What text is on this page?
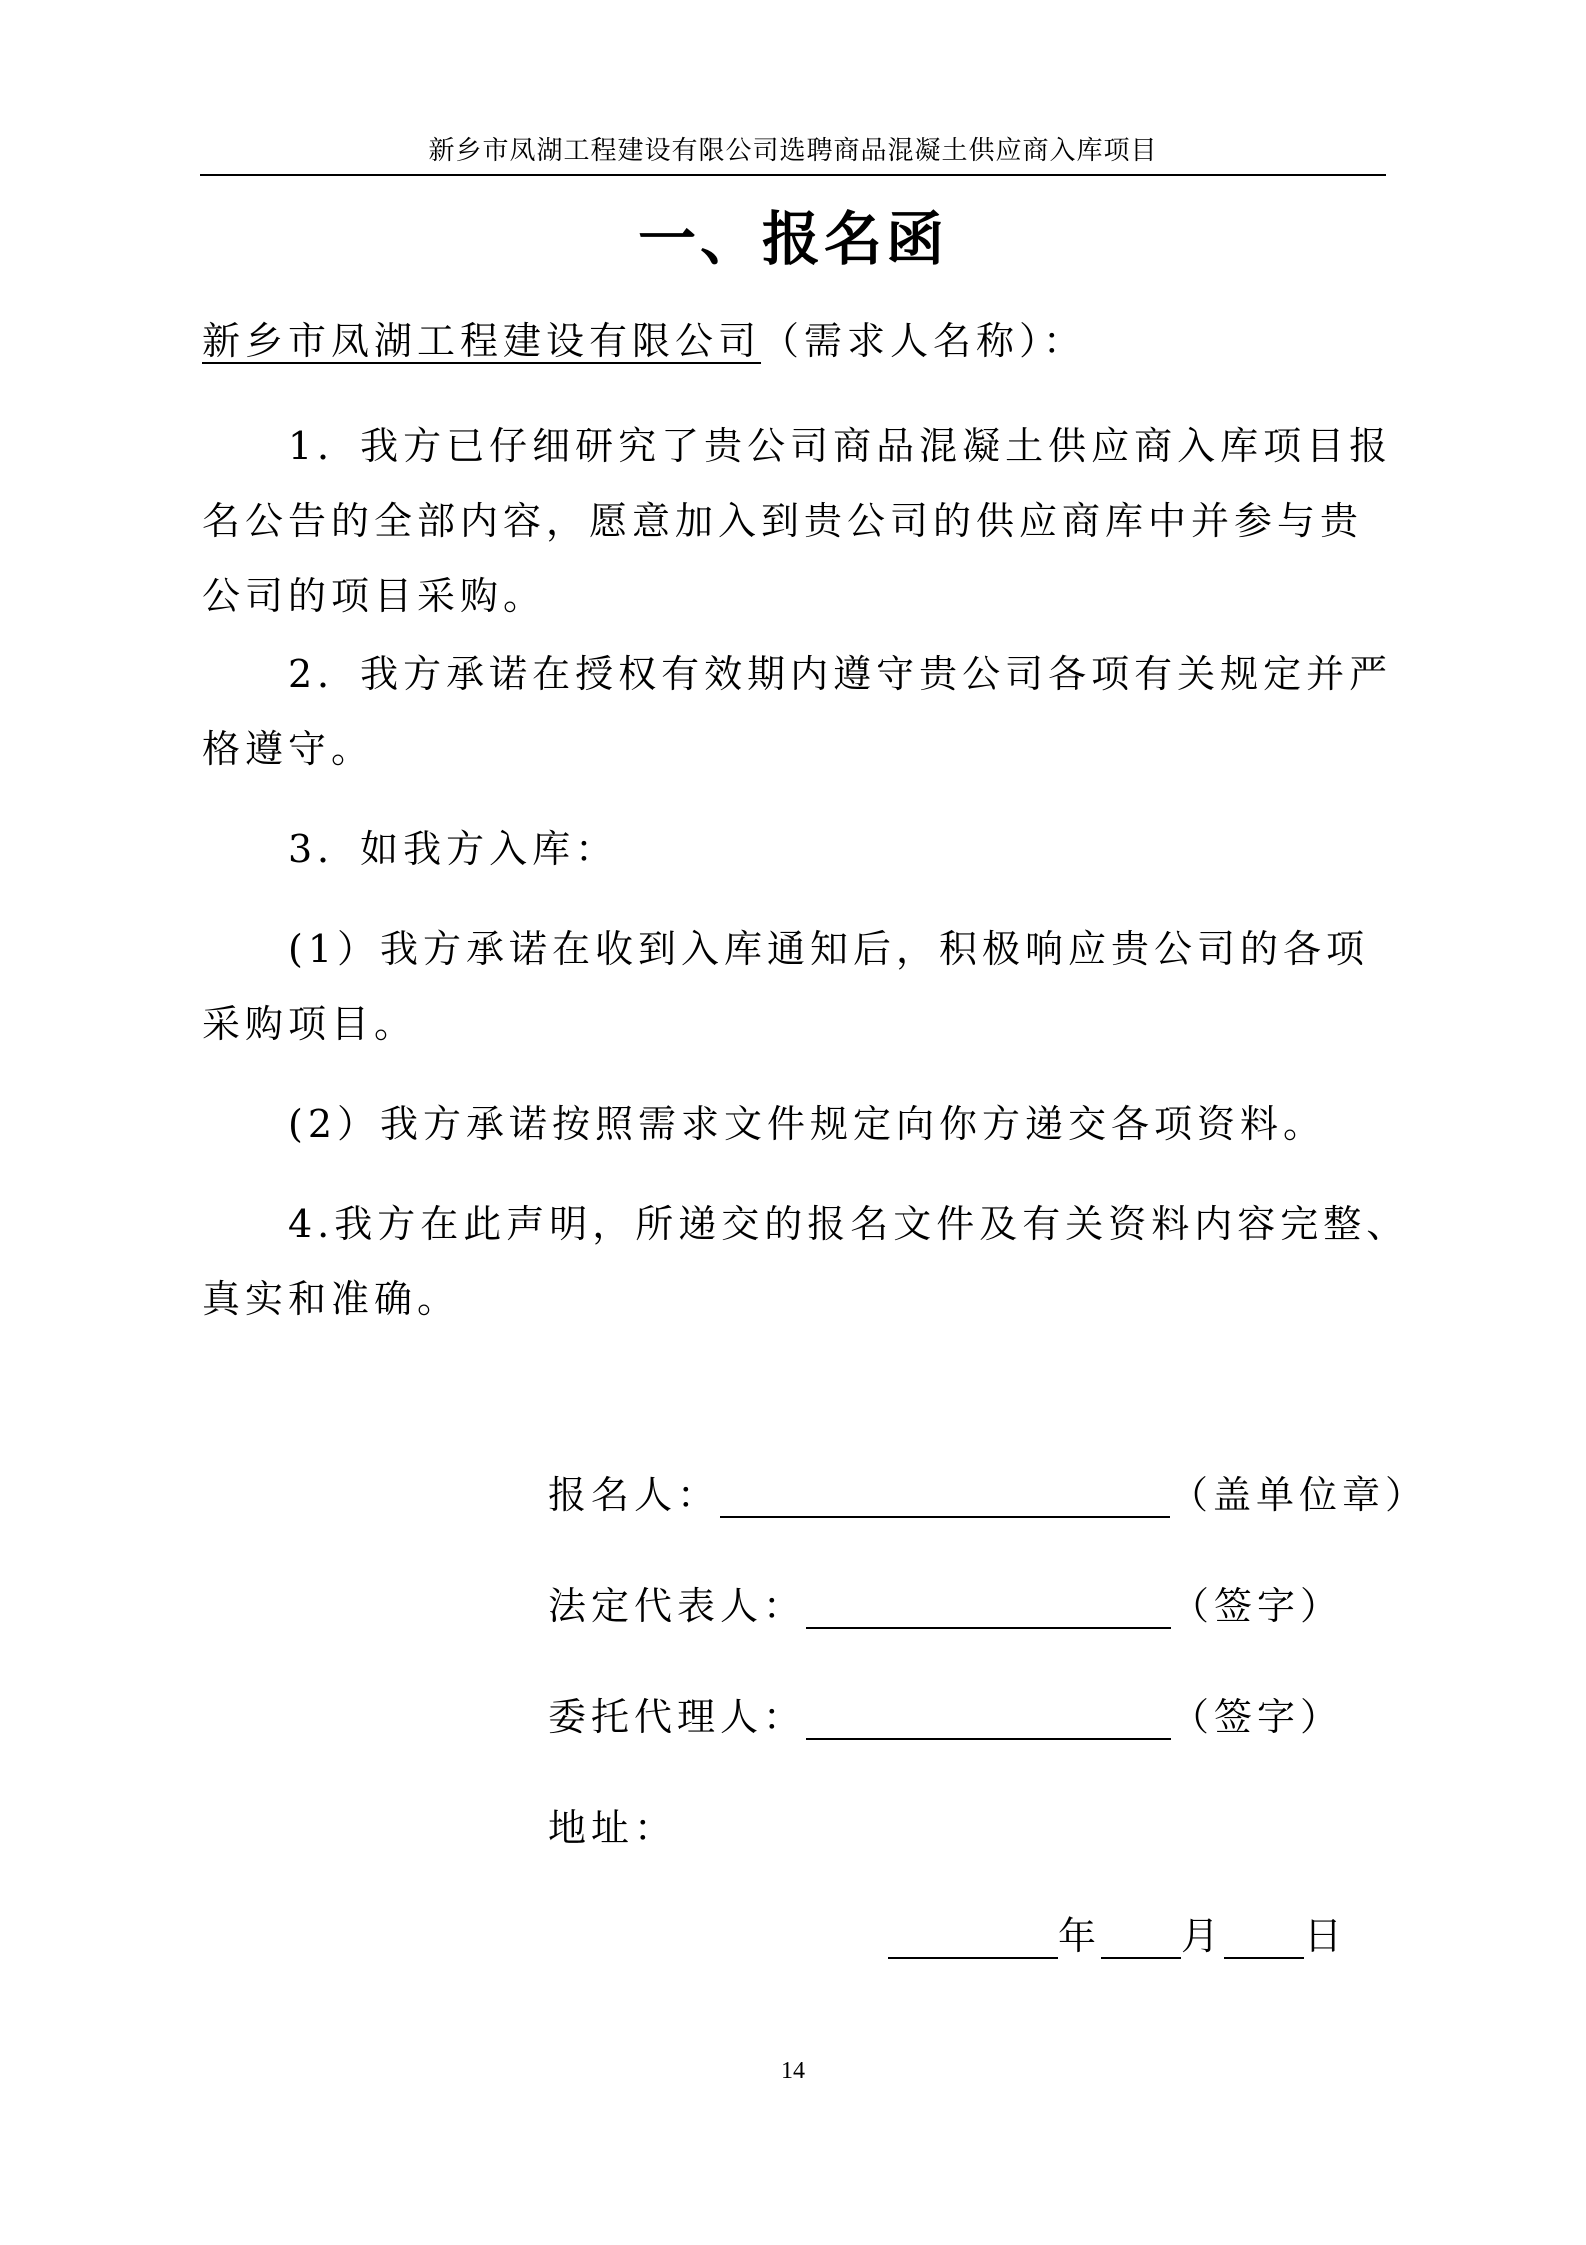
新乡市凤湖工程建设有限公司选聘商品混凝土供应商入库项目
一、报名函
新乡市凤湖工程建设有限公司（需求人名称）：
　　1．我方已仔细研究了贵公司商品混凝土供应商入库项目报
名公告的全部内容，愿意加入到贵公司的供应商库中并参与贵
公司的项目采购。
　　2．我方承诺在授权有效期内遵守贵公司各项有关规定并严
格遵守。
　　3．如我方入库：
　　(1）我方承诺在收到入库通知后，积极响应贵公司的各项
采购项目。
　　(2）我方承诺按照需求文件规定向你方递交各项资料。
　　4.我方在此声明，所递交的报名文件及有关资料内容完整、
真实和准确。
报名人：	（盖单位章）
法定代表人：	（签字）
委托代理人：	（签字）
地址：
年 月 日
14
